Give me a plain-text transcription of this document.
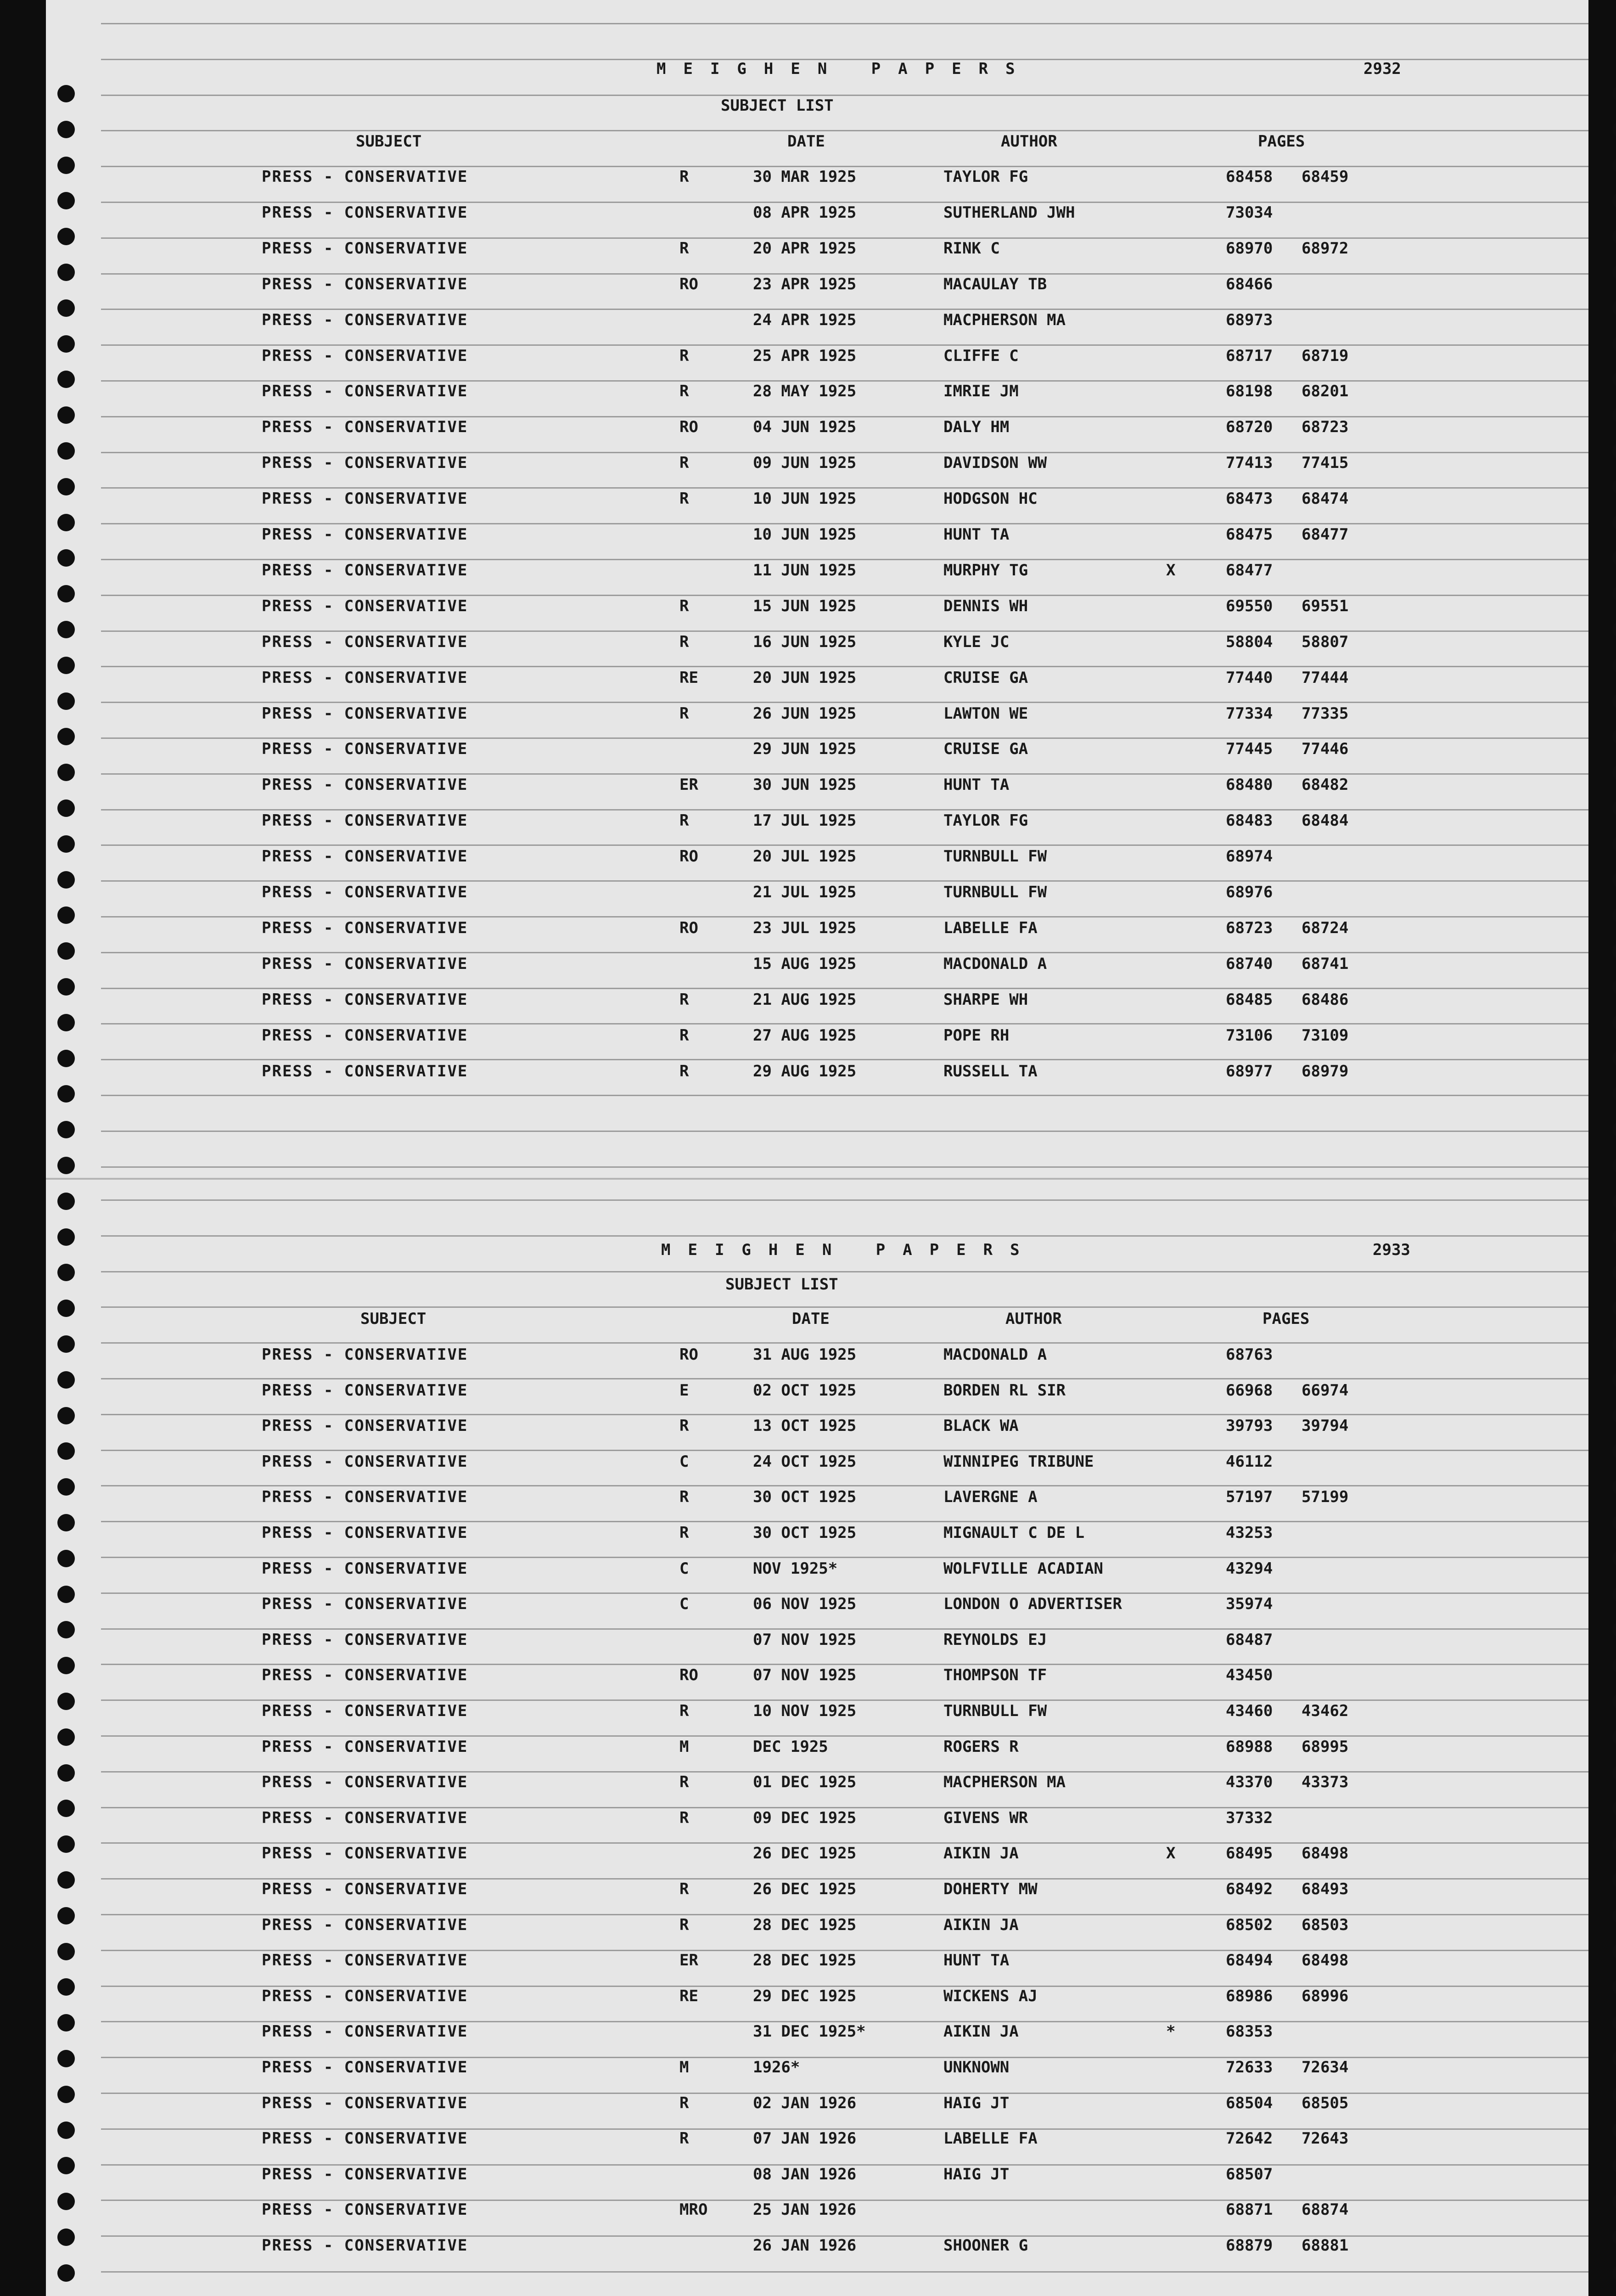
MEIGHEN PAPERS	2932
SUBJECT LIST
SUBJECT	DATE	AUTHOR	PAGES
PRESS - CONSERVATIVE	R	30 MAR 1925	TAYLOR FG	68458 68459
PRESS - CONSERVATIVE	08 APR 1925	SUTHERLAND JWH	73034
PRESS - CONSERVATIVE	R	20 APR 1925	RINK C	68970 68972
PRESS - CONSERVATIVE	RO	23 APR 1925	MACAULAY TB	68466
PRESS - CONSERVATIVE	24 APR 1925	MACPHERSON MA	68973
PRESS - CONSERVATIVE	R	25 APR 1925	CLIFFE C	68717 68719
PRESS - CONSERVATIVE	R	28 MAY 1925	IMRIE JM	68198 68201
PRESS - CONSERVATIVE	RO	04 JUN 1925	DALY HM	68720 68723
PRESS - CONSERVATIVE	R	09 JUN 1925	DAVIDSON WW	77413 77415
PRESS - CONSERVATIVE	R	10 JUN 1925	HODGSON HC	68473 68474
PRESS - CONSERVATIVE	10 JUN 1925	HUNT TA	68475 68477
PRESS - CONSERVATIVE	11 JUN 1925	MURPHY TG	X	68477
PRESS - CONSERVATIVE	R	15 JUN 1925	DENNIS WH	69550 69551
PRESS - CONSERVATIVE	R	16 JUN 1925	KYLE JC	58804 58807
PRESS - CONSERVATIVE	RE	20 JUN 1925	CRUISE GA	77440 77444
PRESS - CONSERVATIVE	R	26 JUN 1925	LAWTON WE	77334 77335
PRESS - CONSERVATIVE	29 JUN 1925	CRUISE GA	77445 77446
PRESS - CONSERVATIVE	ER	30 JUN 1925	HUNT TA	68480 68482
PRESS - CONSERVATIVE	R	17 JUL 1925	TAYLOR FG	68483 68484
PRESS - CONSERVATIVE	RO	20 JUL 1925	TURNBULL FW	68974
PRESS - CONSERVATIVE	21 JUL 1925	TURNBULL FW	68976
PRESS - CONSERVATIVE	RO	23 JUL 1925	LABELLE FA	68723 68724
PRESS - CONSERVATIVE	15 AUG 1925	MACDONALD A	68740 68741
PRESS - CONSERVATIVE	R	21 AUG 1925	SHARPE WH	68485 68486
PRESS - CONSERVATIVE	R	27 AUG 1925	POPE RH	73106 73109
PRESS - CONSERVATIVE	R	29 AUG 1925	RUSSELL TA	68977 68979
MEIGHEN PAPERS	2933
SUBJECT LIST
SUBJECT	DATE	AUTHOR	PAGES
PRESS - CONSERVATIVE	RO	31 AUG 1925	MACDONALD A	68763
PRESS - CONSERVATIVE	E	02 OCT 1925	BORDEN RL SIR	66968 66974
PRESS - CONSERVATIVE	R	13 OCT 1925	BLACK WA	39793 39794
PRESS - CONSERVATIVE	C	24 OCT 1925	WINNIPEG TRIBUNE	46112
PRESS - CONSERVATIVE	R	30 OCT 1925	LAVERGNE A	57197 57199
PRESS - CONSERVATIVE	R	30 OCT 1925	MIGNAULT C DE L	43253
PRESS - CONSERVATIVE	C	NOV 1925*	WOLFVILLE ACADIAN	43294
PRESS - CONSERVATIVE	C	06 NOV 1925	LONDON O ADVERTISER	35974
PRESS - CONSERVATIVE	07 NOV 1925	REYNOLDS EJ	68487
PRESS - CONSERVATIVE	RO	07 NOV 1925	THOMPSON TF	43450
PRESS - CONSERVATIVE	R	10 NOV 1925	TURNBULL FW	43460 43462
PRESS - CONSERVATIVE	M	DEC 1925	ROGERS R	68988 68995
PRESS - CONSERVATIVE	R	01 DEC 1925	MACPHERSON MA	43370 43373
PRESS - CONSERVATIVE	R	09 DEC 1925	GIVENS WR	37332
PRESS - CONSERVATIVE	26 DEC 1925	AIKIN JA	X	68495 68498
PRESS - CONSERVATIVE	R	26 DEC 1925	DOHERTY MW	68492 68493
PRESS - CONSERVATIVE	R	28 DEC 1925	AIKIN JA	68502 68503
PRESS - CONSERVATIVE	ER	28 DEC 1925	HUNT TA	68494 68498
PRESS - CONSERVATIVE	RE	29 DEC 1925	WICKENS AJ	68986 68996
PRESS - CONSERVATIVE	31 DEC 1925*	AIKIN JA	*	68353
PRESS - CONSERVATIVE	M	1926*	UNKNOWN	72633 72634
PRESS - CONSERVATIVE	R	02 JAN 1926	HAIG JT	68504 68505
PRESS - CONSERVATIVE	R	07 JAN 1926	LABELLE FA	72642 72643
PRESS - CONSERVATIVE	08 JAN 1926	HAIG JT	68507
PRESS - CONSERVATIVE	MRO	25 JAN 1926	68871 68874
PRESS - CONSERVATIVE	26 JAN 1926	SHOONER G	68879 68881
